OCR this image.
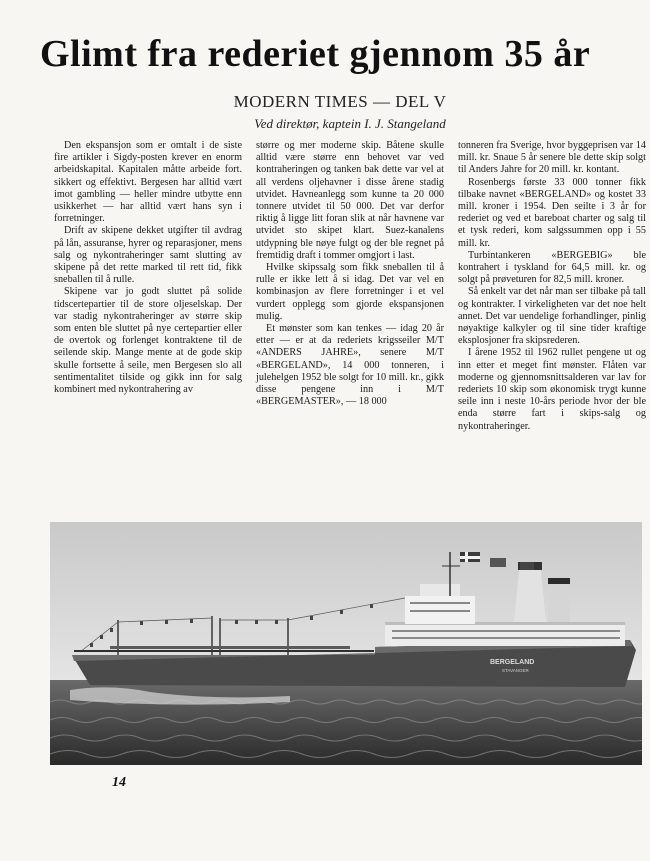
Glimt fra rederiet gjennom 35 år
MODERN TIMES — DEL V
Ved direktør, kaptein I. J. Stangeland

Den ekspansjon som er omtalt i de siste fire artikler i Sigdy-posten krever en enorm arbeidskapital. Kapitalen måtte arbeide fort. sikkert og effektivt. Bergesen har alltid vært imot gambling — heller mindre utbytte enn usikkerhet — har alltid vært hans syn i forretninger.

Drift av skipene dekket utgifter til avdrag på lån, assuranse, hyrer og reparasjoner, mens salg og nykontraheringer samt slutting av skipene på det rette marked til rett tid, fikk sneballen til å rulle.

Skipene var jo godt sluttet på solide tidscertepartier til de store oljeselskap. Der var stadig nykontraheringer av større skip som enten ble sluttet på nye certepartier eller de overtok og forlenget kontraktene til de seilende skip. Mange mente at de gode skip skulle fortsette å seile, men Bergesen slo all sentimentalitet tilside og gikk inn for salg kombinert med nykontrahering av

større og mer moderne skip. Båtene skulle alltid være større enn behovet var ved kontraheringen og tanken bak dette var vel at all verdens oljehavner i disse årene stadig utvidet. Havneanlegg som kunne ta 20 000 tonnere utvidet til 50 000. Det var derfor riktig å ligge litt foran slik at når havnene var utvidet sto skipet klart. Suez-kanalens utdypning ble nøye fulgt og der ble regnet på fremtidig draft i tommer omgjort i last.

Hvilke skipssalg som fikk sneballen til å rulle er ikke lett å si idag. Det var vel en kombinasjon av flere forretninger i et vel vurdert opplegg som gjorde ekspansjonen mulig.

Et mønster som kan tenkes — idag 20 år etter — er at da rederiets krigsseiler M/T «ANDERS JAHRE», senere M/T «BERGELAND», 14 000 tonneren, i julehelgen 1952 ble solgt for 10 mill. kr., gikk disse pengene inn i M/T «BERGEMASTER», — 18 000

tonneren fra Sverige, hvor byggeprisen var 14 mill. kr. Snaue 5 år senere ble dette skip solgt til Anders Jahre for 20 mill. kr. kontant.

Rosenbergs første 33 000 tonner fikk tilbake navnet «BERGELAND» og kostet 33 mill. kroner i 1954. Den seilte i 3 år for rederiet og ved et bareboat charter og salg til et tysk rederi, kom salgssummen opp i 55 mill. kr.

Turbintankeren «BERGEBIG» ble kontrahert i tyskland for 64,5 mill. kr. og solgt på prøveturen for 82,5 mill. kroner.

Så enkelt var det når man ser tilbake på tall og kontrakter. I virkeligheten var det noe helt annet. Det var uendelige forhandlinger, pinlig nøyaktige kalkyler og til sine tider kraftige eksplosjoner fra skipsrederen.

I årene 1952 til 1962 rullet pengene ut og inn etter et meget fint mønster. Flåten var moderne og gjennomsnittsalderen var lav for rederiets 10 skip som økonomisk trygt kunne seile inn i neste 10-års periode hvor der ble enda større fart i skips-salg og nykontraheringer.

BERGELAND
STAVANGER
14
